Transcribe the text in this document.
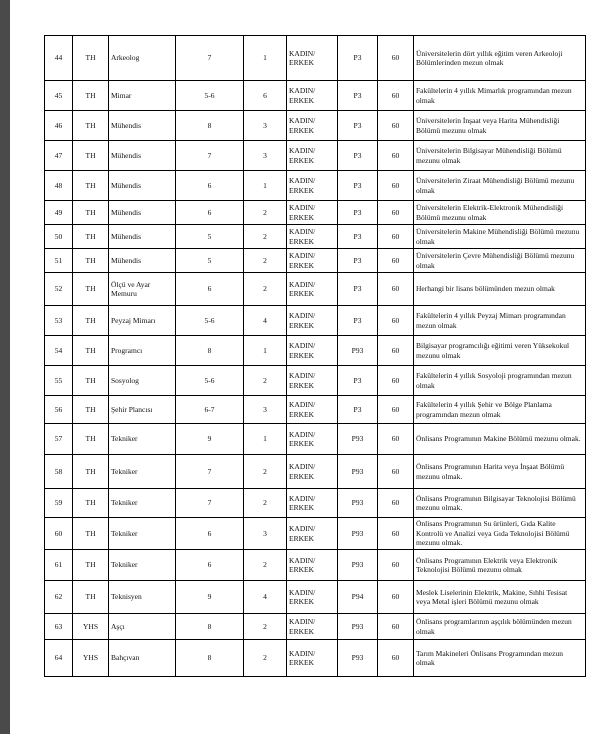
44	TH	Arkeolog	7	1	KADIN/
ERKEK	P3	60	Üniversitelerin dört yıllık eğitim veren Arkeoloji Bölümlerinden mezun olmak
45	TH	Mimar	5-6	6	KADIN/
ERKEK	P3	60	Fakültelerin 4 yıllık Mimarlık programından mezun olmak
46	TH	Mühendis	8	3	KADIN/
ERKEK	P3	60	Üniversitelerin İnşaat veya Harita Mühendisliği Bölümü mezunu olmak
47	TH	Mühendis	7	3	KADIN/
ERKEK	P3	60	Üniversitelerin Bilgisayar Mühendisliği Bölümü mezunu olmak
48	TH	Mühendis	6	1	KADIN/
ERKEK	P3	60	Üniversitelerin Ziraat Mühendisliği Bölümü mezunu olmak
49	TH	Mühendis	6	2	KADIN/
ERKEK	P3	60	Üniversitelerin Elektrik-Elektronik Mühendisliği Bölümü mezunu olmak
50	TH	Mühendis	5	2	KADIN/
ERKEK	P3	60	Üniversitelerin Makine Mühendisliği Bölümü mezunu olmak
51	TH	Mühendis	5	2	KADIN/
ERKEK	P3	60	Üniversitelerin Çevre Mühendisliği Bölümü mezunu olmak
52	TH	Ölçü ve Ayar Memuru	6	2	KADIN/
ERKEK	P3	60	Herhangi bir lisans bölümünden mezun olmak
53	TH	Peyzaj Mimarı	5-6	4	KADIN/
ERKEK	P3	60	Fakültelerin 4 yıllık Peyzaj Mimarı programından mezun olmak
54	TH	Programcı	8	1	KADIN/
ERKEK	P93	60	Bilgisayar programcılığı eğitimi veren Yüksekokul mezunu olmak
55	TH	Sosyolog	5-6	2	KADIN/
ERKEK	P3	60	Fakültelerin 4 yıllık Sosyoloji programından mezun olmak
56	TH	Şehir Plancısı	6-7	3	KADIN/
ERKEK	P3	60	Fakültelerin 4 yıllık Şehir ve Bölge Planlama programından mezun olmak
57	TH	Tekniker	9	1	KADIN/
ERKEK	P93	60	Önlisans Programının Makine Bölümü mezunu olmak.
58	TH	Tekniker	7	2	KADIN/
ERKEK	P93	60	Önlisans Programının Harita veya İnşaat Bölümü mezunu olmak.
59	TH	Tekniker	7	2	KADIN/
ERKEK	P93	60	Önlisans Programının Bilgisayar Teknolojisi Bölümü mezunu olmak.
60	TH	Tekniker	6	3	KADIN/
ERKEK	P93	60	Önlisans Programının Su ürünleri, Gıda Kalite Kontrolü ve Analizi veya Gıda Teknolojisi Bölümü mezunu olmak.
61	TH	Tekniker	6	2	KADIN/
ERKEK	P93	60	Önlisans Programının Elektrik veya Elektronik Teknolojisi Bölümü mezunu olmak
62	TH	Teknisyen	9	4	KADIN/
ERKEK	P94	60	Meslek Liselerinin Elektrik, Makine, Sıhhi Tesisat veya Metal işleri Bölümü mezunu olmak
63	YHS	Aşçı	8	2	KADIN/
ERKEK	P93	60	Önlisans programlarının aşçılık bölümünden mezun olmak
64	YHS	Bahçıvan	8	2	KADIN/
ERKEK	P93	60	Tarım Makineleri Önlisans Programından mezun olmak
